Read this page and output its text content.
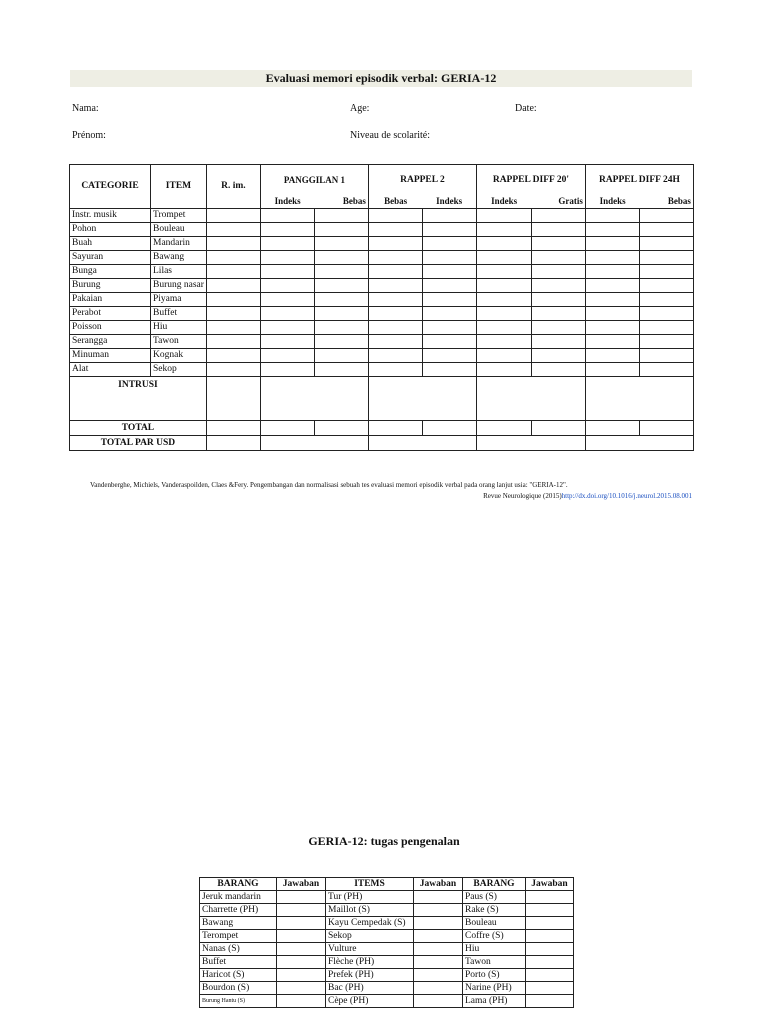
Evaluasi memori episodik verbal: GERIA-12
Nama:	Age:	Date:
Prénom:	Niveau de scolarité:
CATEGORIE	ITEM	R. im.	PANGGILAN 1		RAPPEL 2		RAPPEL DIFF 20'		RAPPEL DIFF 24H	
			Indeks	Bebas	Bebas	Indeks	Indeks	Gratis	Indeks	Bebas
Instr. musik	Trompet									
Pohon	Bouleau									
Buah	Mandarin									
Sayuran	Bawang									
Bunga	Lilas									
Burung	Burung nasar									
Pakaian	Piyama									
Perabot	Buffet									
Poisson	Hiu									
Serangga	Tawon									
Minuman	Kognak									
Alat	Sekop									
INTRUSI										
TOTAL										
TOTAL PAR USD										
Vandenberghe, Michiels, Vanderaspoilden, Claes &Fery. Pengembangan dan normalisasi sebuah tes evaluasi memori episodik verbal pada orang lanjut usia: "GERIA-12".
Revue Neurologique (2015)http://dx.doi.org/10.1016/j.neurol.2015.08.001
GERIA-12: tugas pengenalan
BARANG	Jawaban	ITEMS	Jawaban	BARANG	Jawaban
Jeruk mandarin		Tur (PH)		Paus (S)	
Charrette (PH)		Maillot (S)		Rake (S)	
Bawang		Kayu Cempedak (S)		Bouleau	
Terompet		Sekop		Coffre (S)	
Nanas (S)		Vulture		Hiu	
Buffet		Flèche (PH)		Tawon	
Haricot (S)		Prefek (PH)		Porto (S)	
Bourdon (S)		Bac (PH)		Narine (PH)	
Burung Hantu (S)		Cèpe (PH)		Lama (PH)	
